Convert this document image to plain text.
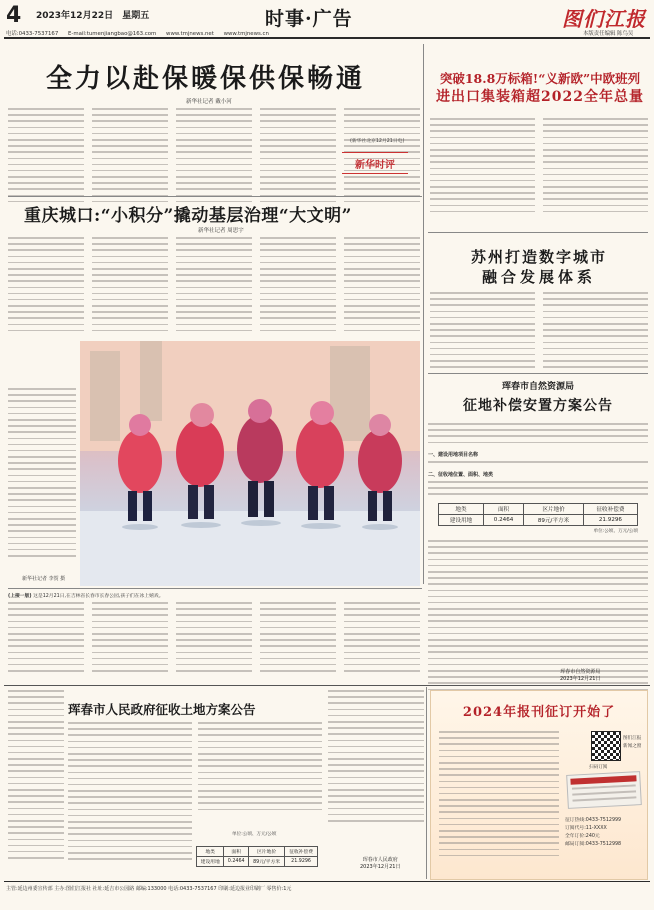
4 2023年12月22日 星期五	时事·广告	图们江报
电话:0433-7537167 E-mail:tumenjiangbao@163.com www.tmjnews.net www.tmjnews.cn	本版责任编辑 陈鸟吴
全力以赴保暖保供保畅通
新华社记者 戴小河
新华时评
(新华社北京12月21日电)
突破18.8万标箱!“义新欧”中欧班列
进出口集装箱超2022全年总量
重庆城口:“小积分”撬动基层治理“大文明”
新华社记者 周思宇
苏州打造数字城市
融合发展体系
新华社记者 李贺 摄
(上接一版) 这是12月21日,在吉林省长春市长春公园,孩子们在冰上嬉戏。
珲春市自然资源局
征地补偿安置方案公告
一、建设用地项目名称
二、征收地位置、面积、地类
地类	面积	区片地价	征收补偿费
建设用地	0.2464	89元/平方米	21.9296
单位:公顷、万元/公顷
珲春市自然资源局
2023年12月21日
珲春市人民政府征收土地方案公告
单位:公顷、万元/公顷
地类	面积	区片地价	征收补偿费
建设用地	0.2464	89元/平方米	21.9296	珲春市人民政府
2023年12月21日
2024年报刊征订开始了
扫码订阅
图们江报
新闻之窗
征订热线:0433-7512999
订阅代号:11-XXXX
全年订价:240元
邮局订阅:0433-7512998
主管:延边州委宣传部 主办:图们江报社 社址:延吉市公园路 邮编:133000 电话:0433-7537167 印刷:延边报业印刷厂 零售价:1元
